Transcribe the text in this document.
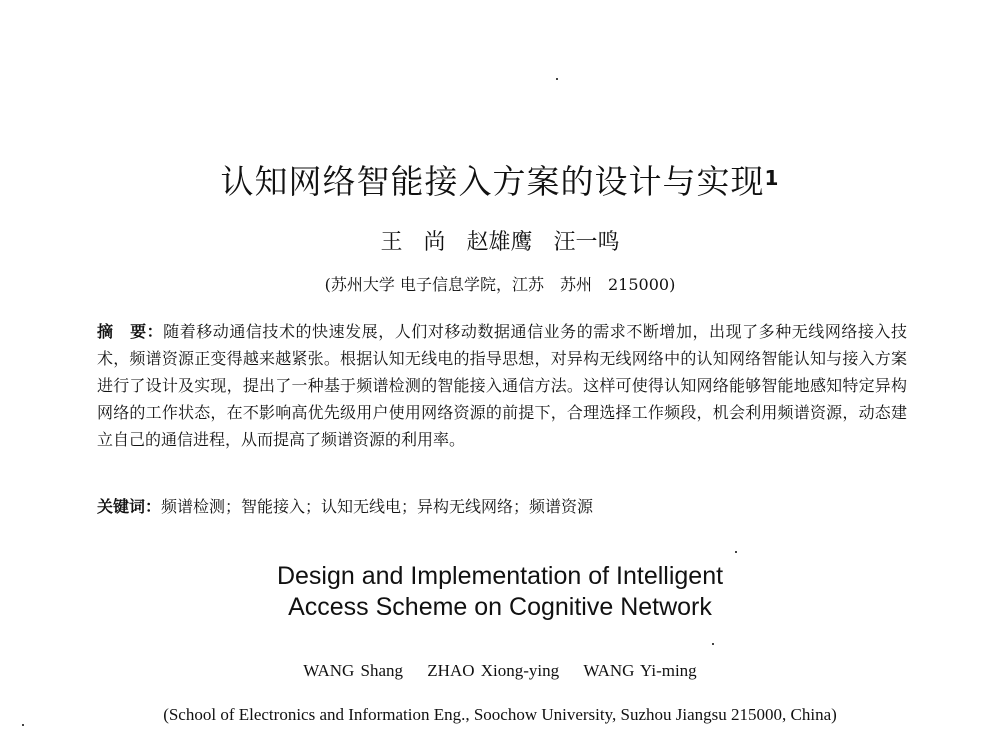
认知网络智能接入方案的设计与实现$^1$
王 尚 赵雄鹰 汪一鸣
(苏州大学 电子信息学院，江苏　苏州　215000)
摘　要：随着移动通信技术的快速发展，人们对移动数据通信业务的需求不断增加，出现了多种无线网络接入技术，频谱资源正变得越来越紧张。根据认知无线电的指导思想，对异构无线网络中的认知网络智能认知与接入方案进行了设计及实现，提出了一种基于频谱检测的智能接入通信方法。这样可使得认知网络能够智能地感知特定异构网络的工作状态，在不影响高优先级用户使用网络资源的前提下，合理选择工作频段，机会利用频谱资源，动态建立自己的通信进程，从而提高了频谱资源的利用率。
关键词：频谱检测；智能接入；认知无线电；异构无线网络；频谱资源
Design and Implementation of Intelligent
Access Scheme on Cognitive Network
WANG Shang ZHAO Xiong-ying WANG Yi-ming
(School of Electronics and Information Eng., Soochow University, Suzhou Jiangsu 215000, China)
